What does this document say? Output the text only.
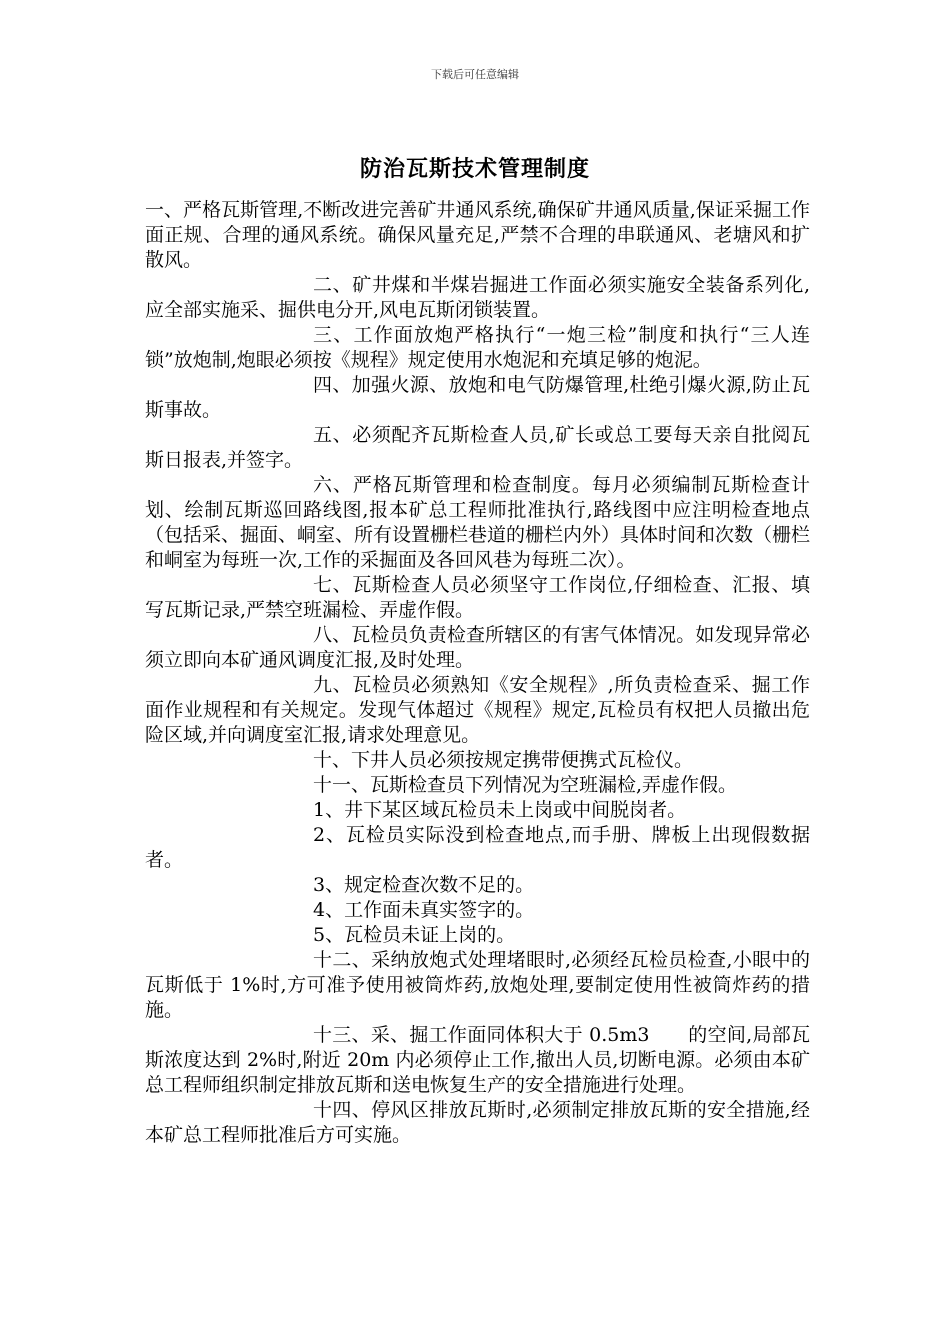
下载后可任意编辑
防治瓦斯技术管理制度

一、严格瓦斯管理,不断改进完善矿井通风系统,确保矿井通风质量,保证采掘工作面正规、合理的通风系统。确保风量充足,严禁不合理的串联通风、老塘风和扩散风。

二、矿井煤和半煤岩掘进工作面必须实施安全装备系列化,应全部实施采、掘供电分开,风电瓦斯闭锁装置。

三、工作面放炮严格执行“一炮三检”制度和执行“三人连锁”放炮制,炮眼必须按《规程》规定使用水炮泥和充填足够的炮泥。

四、加强火源、放炮和电气防爆管理,杜绝引爆火源,防止瓦斯事故。

五、必须配齐瓦斯检查人员,矿长或总工要每天亲自批阅瓦斯日报表,并签字。

六、严格瓦斯管理和检查制度。每月必须编制瓦斯检查计划、绘制瓦斯巡回路线图,报本矿总工程师批准执行,路线图中应注明检查地点（包括采、掘面、峒室、所有设置栅栏巷道的栅栏内外）具体时间和次数（栅栏和峒室为每班一次,工作的采掘面及各回风巷为每班二次）。

七、瓦斯检查人员必须坚守工作岗位,仔细检查、汇报、填写瓦斯记录,严禁空班漏检、弄虚作假。

八、瓦检员负责检查所辖区的有害气体情况。如发现异常必须立即向本矿通风调度汇报,及时处理。

九、瓦检员必须熟知《安全规程》,所负责检查采、掘工作面作业规程和有关规定。发现气体超过《规程》规定,瓦检员有权把人员撤出危险区域,并向调度室汇报,请求处理意见。

十、下井人员必须按规定携带便携式瓦检仪。

十一、瓦斯检查员下列情况为空班漏检,弄虚作假。

1、井下某区域瓦检员未上岗或中间脱岗者。

2、瓦检员实际没到检查地点,而手册、牌板上出现假数据者。

3、规定检查次数不足的。

4、工作面未真实签字的。

5、瓦检员未证上岗的。

十二、采纳放炮式处理堵眼时,必须经瓦检员检查,小眼中的瓦斯低于 1%时,方可准予使用被筒炸药,放炮处理,要制定使用性被筒炸药的措施。

十三、采、掘工作面同体积大于 0.5m3　　的空间,局部瓦斯浓度达到 2%时,附近 20m 内必须停止工作,撤出人员,切断电源。必须由本矿总工程师组织制定排放瓦斯和送电恢复生产的安全措施进行处理。

十四、停风区排放瓦斯时,必须制定排放瓦斯的安全措施,经本矿总工程师批准后方可实施。
